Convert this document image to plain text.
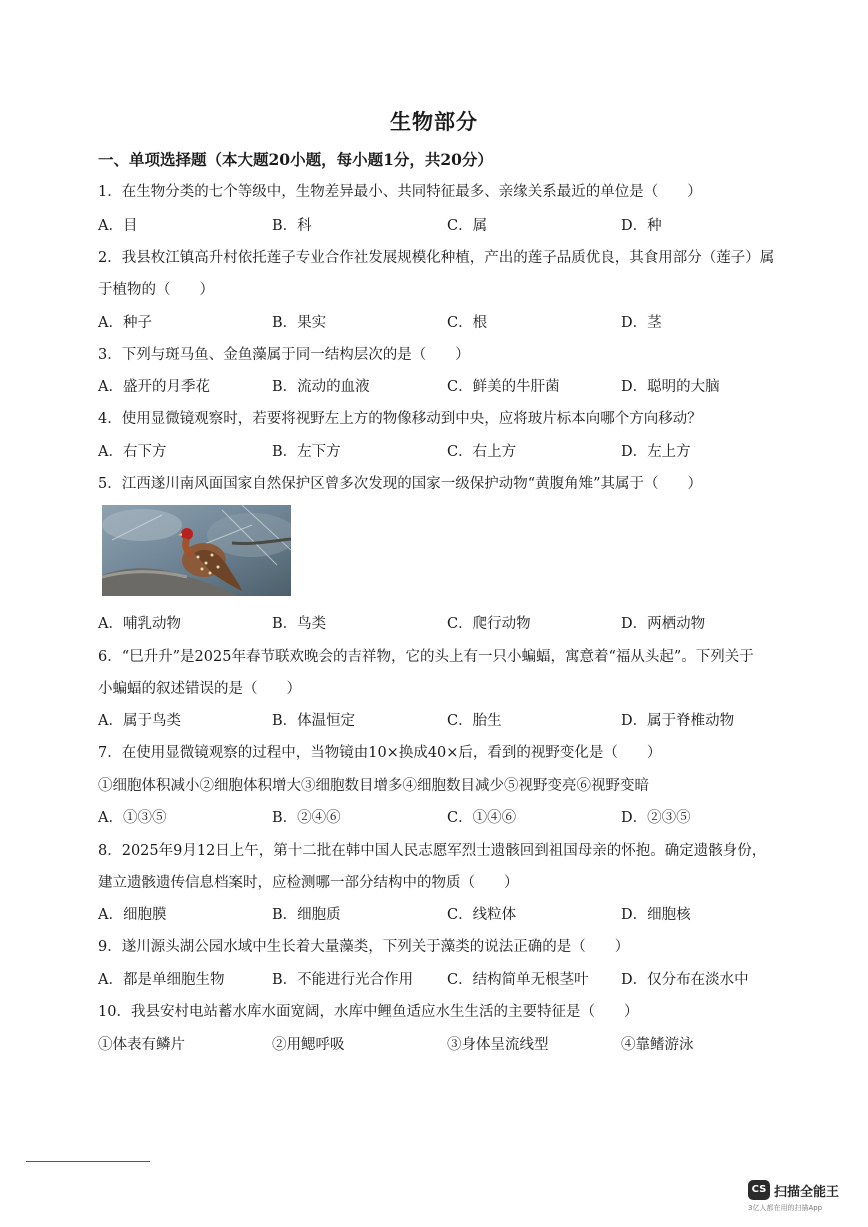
生物部分
一、单项选择题（本大题20小题，每小题1分，共20分）
1．在生物分类的七个等级中，生物差异最小、共同特征最多、亲缘关系最近的单位是（　　）
A．目	B．科	C．属	D．种
2．我县枚江镇高升村依托莲子专业合作社发展规模化种植，产出的莲子品质优良，其食用部分（莲子）属
于植物的（　　）
A．种子	B．果实	C．根	D．茎
3．下列与斑马鱼、金鱼藻属于同一结构层次的是（　　）
A．盛开的月季花	B．流动的血液	C．鲜美的牛肝菌	D．聪明的大脑
4．使用显微镜观察时，若要将视野左上方的物像移动到中央，应将玻片标本向哪个方向移动？
A．右下方	B．左下方	C．右上方	D．左上方
5．江西遂川南风面国家自然保护区曾多次发现的国家一级保护动物“黄腹角雉”其属于（　　）
A．哺乳动物	B．鸟类	C．爬行动物	D．两栖动物
6．“巳升升”是2025年春节联欢晚会的吉祥物，它的头上有一只小蝙蝠，寓意着“福从头起”。下列关于
小蝙蝠的叙述错误的是（　　）
A．属于鸟类	B．体温恒定	C．胎生	D．属于脊椎动物
7．在使用显微镜观察的过程中，当物镜由10×换成40×后，看到的视野变化是（　　）
①细胞体积减小②细胞体积增大③细胞数目增多④细胞数目减少⑤视野变亮⑥视野变暗
A．①③⑤	B．②④⑥	C．①④⑥	D．②③⑤
8．2025年9月12日上午，第十二批在韩中国人民志愿军烈士遗骸回到祖国母亲的怀抱。确定遗骸身份，
建立遗骸遗传信息档案时，应检测哪一部分结构中的物质（　　）
A．细胞膜	B．细胞质	C．线粒体	D．细胞核
9．遂川源头湖公园水域中生长着大量藻类，下列关于藻类的说法正确的是（　　）
A．都是单细胞生物	B．不能进行光合作用 C．结构简单无根茎叶 D．仅分布在淡水中
10．我县安村电站蓄水库水面宽阔，水库中鲤鱼适应水生生活的主要特征是（　　）
①体表有鳞片	②用鳃呼吸	③身体呈流线型	④靠鳍游泳
CS 扫描全能王
3亿人都在用的扫描App
